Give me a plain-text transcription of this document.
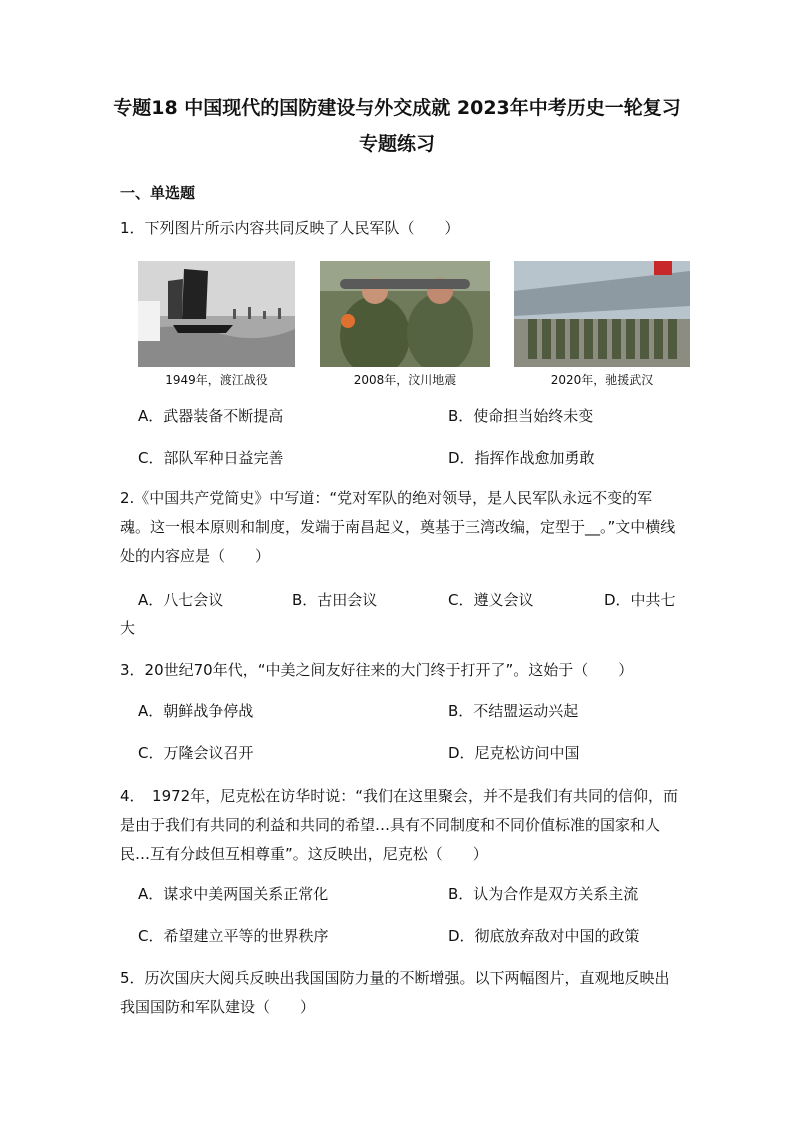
专题18 中国现代的国防建设与外交成就 2023年中考历史一轮复习
专题练习
一、单选题
1．下列图片所示内容共同反映了人民军队（　　）
1949年，渡江战役	2008年，汶川地震	2020年，驰援武汉
A．武器装备不断提高	B．使命担当始终未变
C．部队军种日益完善	D．指挥作战愈加勇敢
2.《中国共产党简史》中写道：“党对军队的绝对领导，是人民军队永远不变的军魂。这一根本原则和制度，发端于南昌起义，奠基于三湾改编，定型于__。”文中横线处的内容应是（　　）
A．八七会议	B．古田会议	C．遵义会议	D．中共七
大
3．20世纪70年代，“中美之间友好往来的大门终于打开了”。这始于（　　）
A．朝鲜战争停战	B．不结盟运动兴起
C．万隆会议召开	D．尼克松访问中国
4．　1972年，尼克松在访华时说：“我们在这里聚会，并不是我们有共同的信仰，而是由于我们有共同的利益和共同的希望…具有不同制度和不同价值标准的国家和人民…互有分歧但互相尊重”。这反映出，尼克松（　　）
A．谋求中美两国关系正常化	B．认为合作是双方关系主流
C．希望建立平等的世界秩序	D．彻底放弃敌对中国的政策
5．历次国庆大阅兵反映出我国国防力量的不断增强。以下两幅图片，直观地反映出我国国防和军队建设（　　）
